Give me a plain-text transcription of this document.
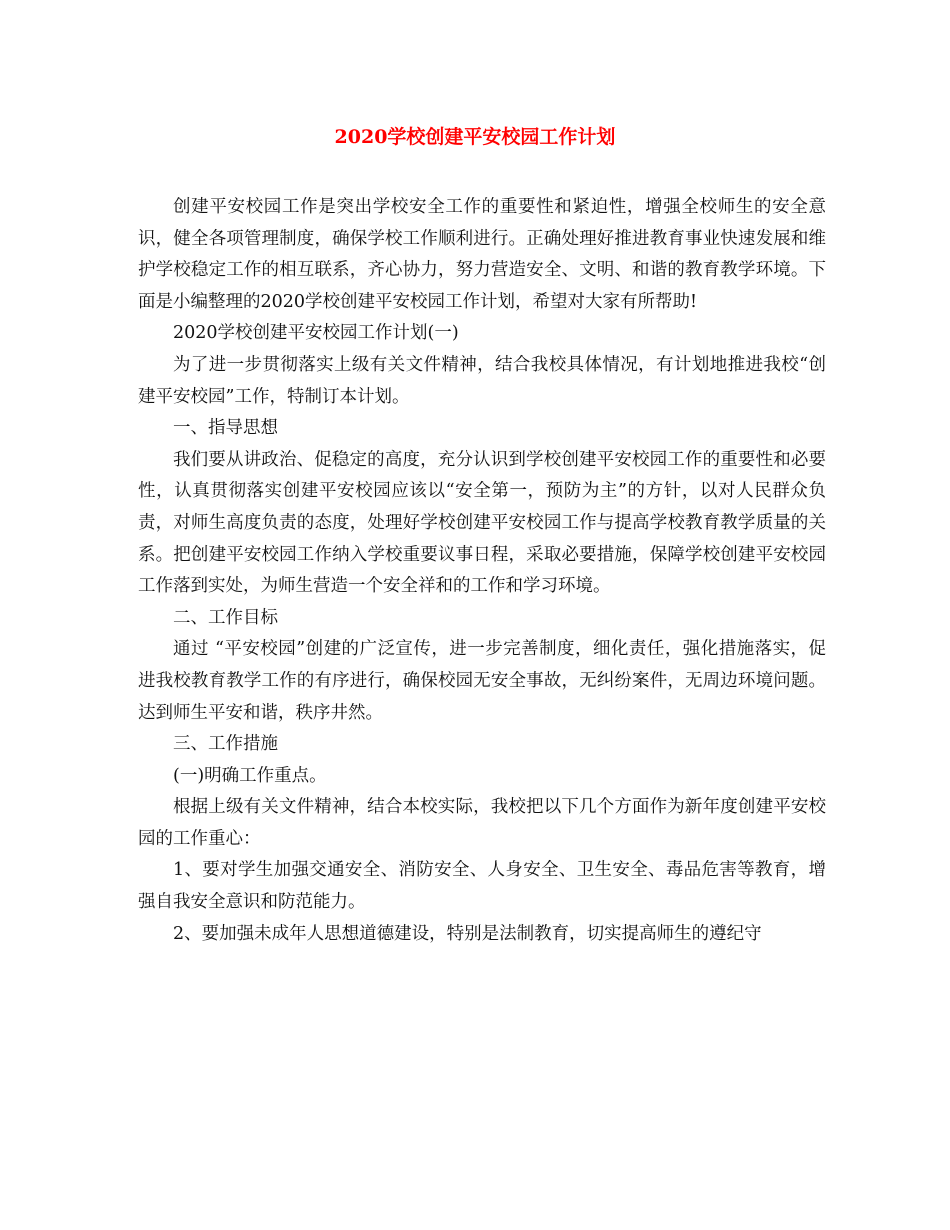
2020学校创建平安校园工作计划

创建平安校园工作是突出学校安全工作的重要性和紧迫性，增强全校师生的安全意识，健全各项管理制度，确保学校工作顺利进行。正确处理好推进教育事业快速发展和维护学校稳定工作的相互联系，齐心协力，努力营造安全、文明、和谐的教育教学环境。下面是小编整理的2020学校创建平安校园工作计划，希望对大家有所帮助!

2020学校创建平安校园工作计划(一)

为了进一步贯彻落实上级有关文件精神，结合我校具体情况，有计划地推进我校“创建平安校园”工作，特制订本计划。

一、指导思想

我们要从讲政治、促稳定的高度，充分认识到学校创建平安校园工作的重要性和必要性，认真贯彻落实创建平安校园应该以“安全第一，预防为主”的方针，以对人民群众负责，对师生高度负责的态度，处理好学校创建平安校园工作与提高学校教育教学质量的关系。把创建平安校园工作纳入学校重要议事日程，采取必要措施，保障学校创建平安校园工作落到实处，为师生营造一个安全祥和的工作和学习环境。

二、工作目标

通过 “平安校园”创建的广泛宣传，进一步完善制度，细化责任，强化措施落实，促进我校教育教学工作的有序进行，确保校园无安全事故，无纠纷案件，无周边环境问题。达到师生平安和谐，秩序井然。

三、工作措施

(一)明确工作重点。

根据上级有关文件精神，结合本校实际，我校把以下几个方面作为新年度创建平安校园的工作重心：

1、要对学生加强交通安全、消防安全、人身安全、卫生安全、毒品危害等教育，增强自我安全意识和防范能力。

2、要加强未成年人思想道德建设，特别是法制教育，切实提高师生的遵纪守
